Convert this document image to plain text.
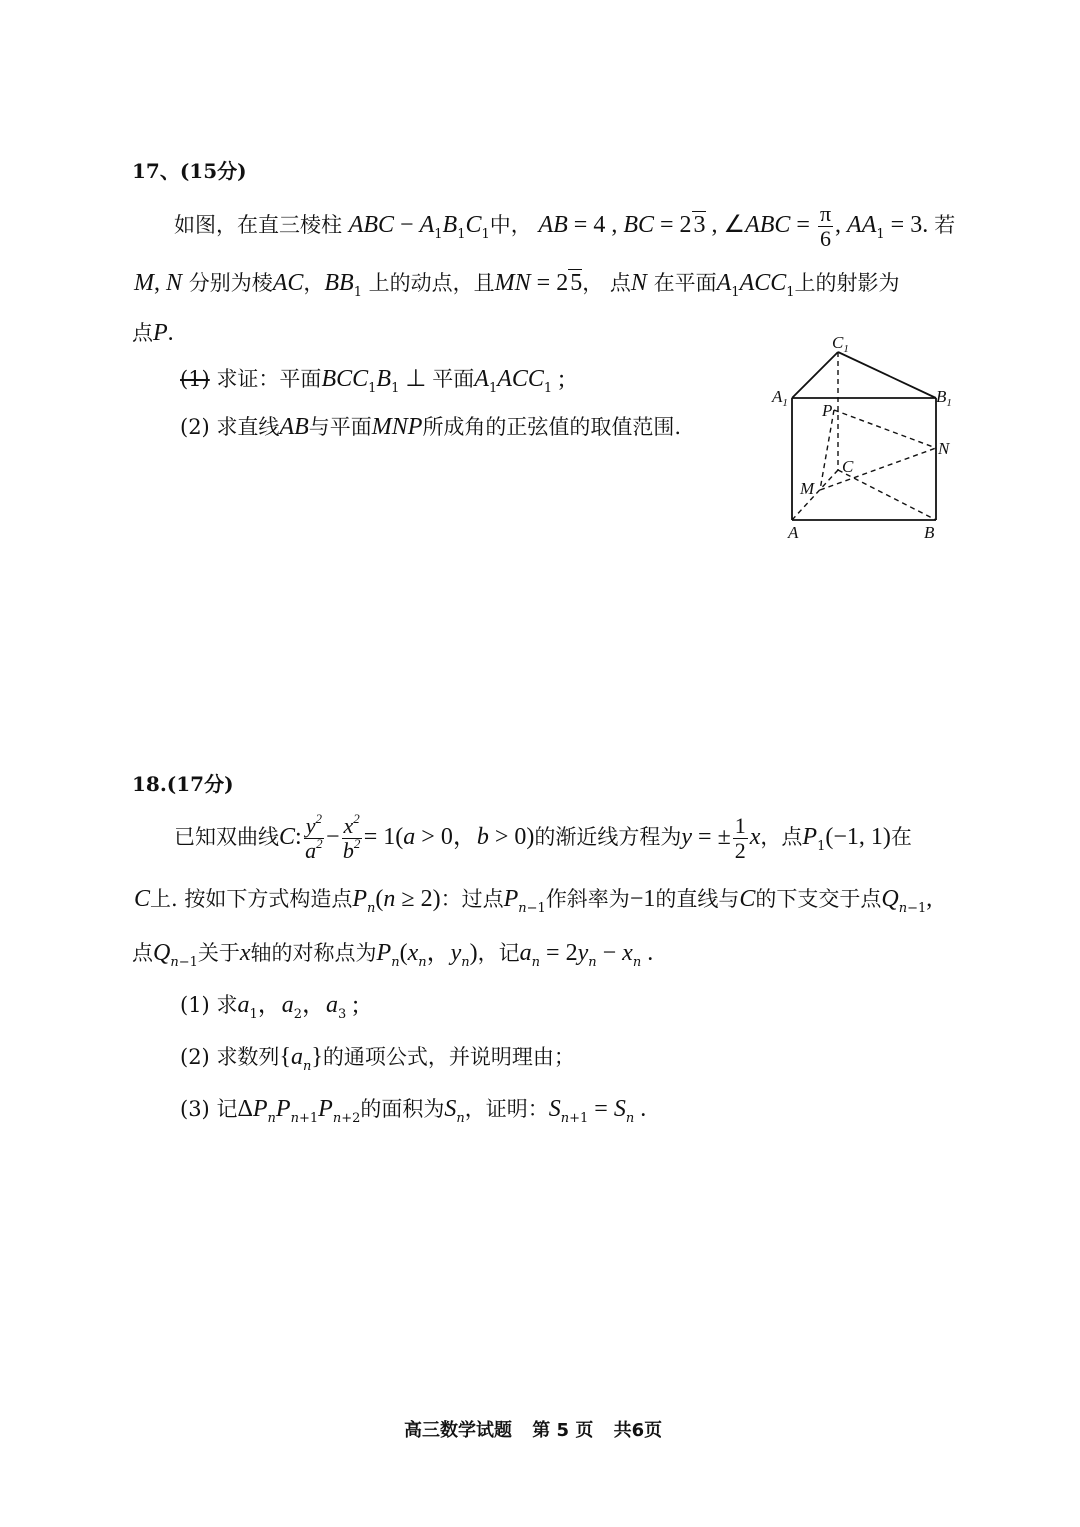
17、(15分)
如图，在直三棱柱 ABC − $A_1B_1C_1$中， AB = 4 , BC = 23 , ∠ABC = $\frac{\pi}{6}$ , $AA_1 = 3$. 若
M, N 分别为棱AC，$BB_1$ 上的动点，且MN = 25， 点N 在平面$A_1ACC_1$上的射影为
点P.
(1) 求证：平面$BCC_1B_1$ ⊥ 平面$A_1ACC_1$ ;
(2) 求直线AB与平面MNP所成角的正弦值的取值范围.
$C_1$
$A_1$ P
$B_1$
N
C
M
A	B
18.(17分)
已知双曲线C: $\frac{y^2}{a^2} - \frac{x^2}{b^2} = 1(a > 0$，b > 0)的渐近线方程为y = ± $\frac{1}{2}$ x，点$P_1(-1$, 1)在
C上. 按如下方式构造点$P_n(n \ge 2)$：过点$P_{n-1}$作斜率为−1的直线与C的下支交于点$Q_{n-1}$,
点$Q_{n-1}$关于x轴的对称点为$P_n(x_n$，$y_n$)，记$a_n = 2y_n - x_n$ .
(1) 求$a_1$，$a_2$，$a_3$ ;
(2) 求数列$\{a_n\}$的通项公式，并说明理由；
(3) 记$\Delta P_nP_{n+1}P_{n+2}$的面积为$S_n$，证明：$S_{n+1} = S_n$ .
高三数学试题 第 5 页 共6页
